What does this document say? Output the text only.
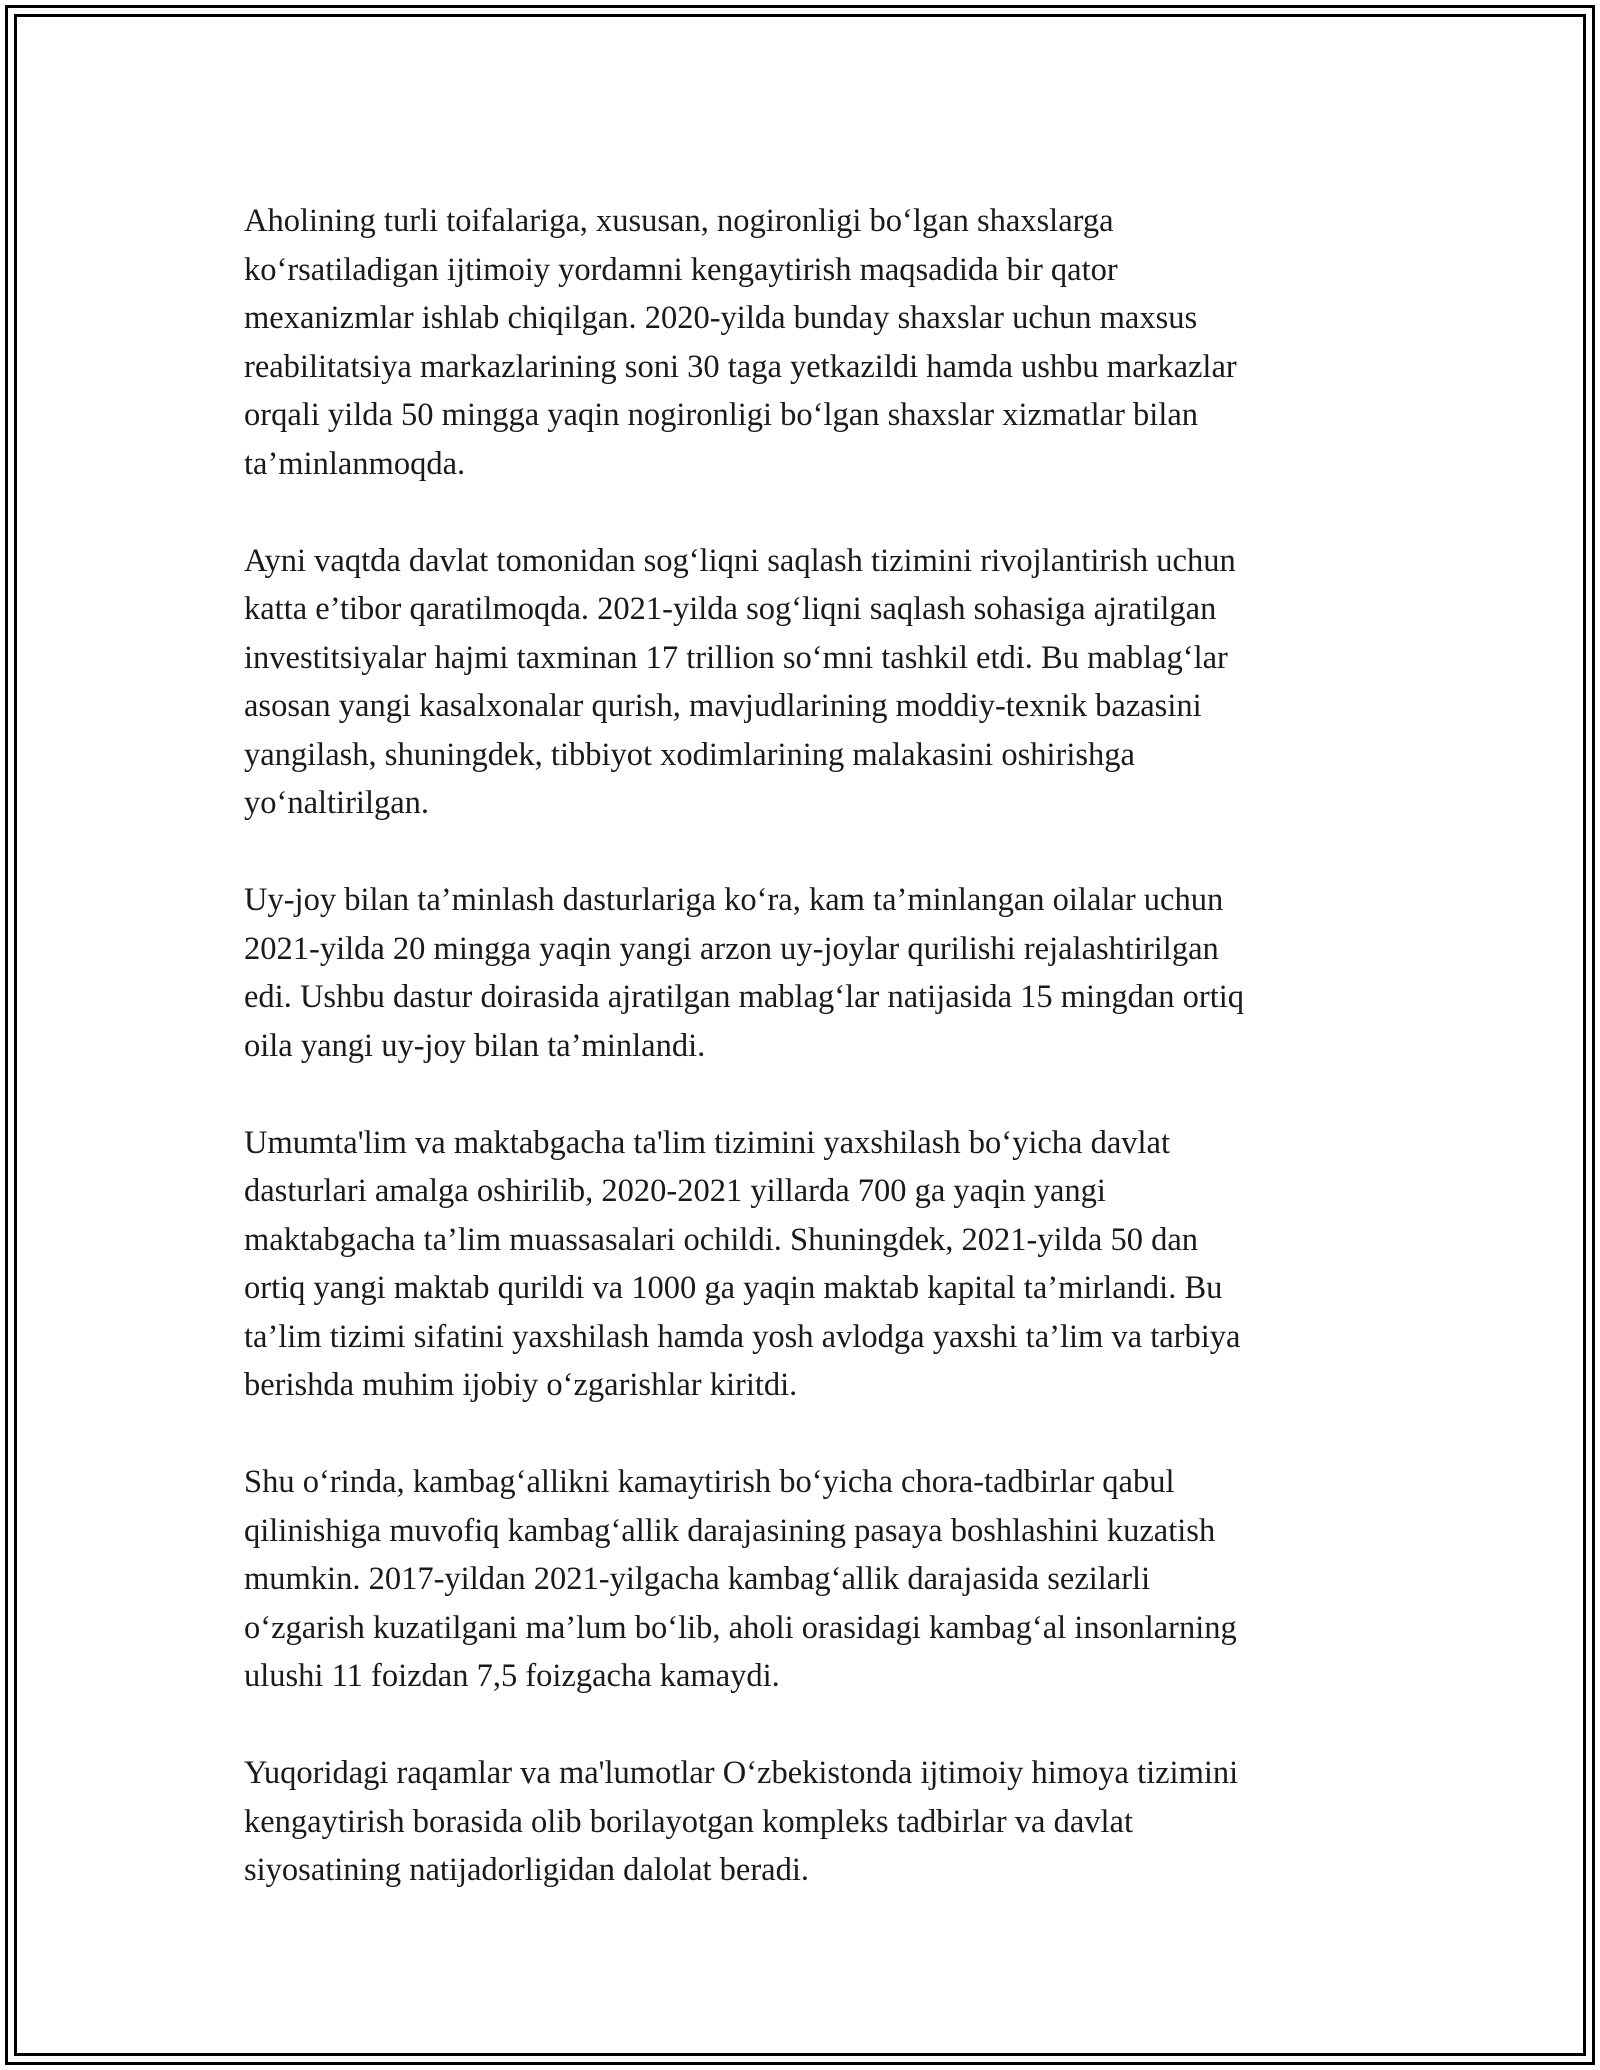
Aholining turli toifalariga, xususan, nogironligi bo‘lgan shaxslarga
ko‘rsatiladigan ijtimoiy yordamni kengaytirish maqsadida bir qator
mexanizmlar ishlab chiqilgan. 2020-yilda bunday shaxslar uchun maxsus
reabilitatsiya markazlarining soni 30 taga yetkazildi hamda ushbu markazlar
orqali yilda 50 mingga yaqin nogironligi bo‘lgan shaxslar xizmatlar bilan
ta’minlanmoqda.

Ayni vaqtda davlat tomonidan sog‘liqni saqlash tizimini rivojlantirish uchun
katta e’tibor qaratilmoqda. 2021-yilda sog‘liqni saqlash sohasiga ajratilgan
investitsiyalar hajmi taxminan 17 trillion so‘mni tashkil etdi. Bu mablag‘lar
asosan yangi kasalxonalar qurish, mavjudlarining moddiy-texnik bazasini
yangilash, shuningdek, tibbiyot xodimlarining malakasini oshirishga
yo‘naltirilgan.

Uy-joy bilan ta’minlash dasturlariga ko‘ra, kam ta’minlangan oilalar uchun
2021-yilda 20 mingga yaqin yangi arzon uy-joylar qurilishi rejalashtirilgan
edi. Ushbu dastur doirasida ajratilgan mablag‘lar natijasida 15 mingdan ortiq
oila yangi uy-joy bilan ta’minlandi.

Umumta'lim va maktabgacha ta'lim tizimini yaxshilash bo‘yicha davlat
dasturlari amalga oshirilib, 2020-2021 yillarda 700 ga yaqin yangi
maktabgacha ta’lim muassasalari ochildi. Shuningdek, 2021-yilda 50 dan
ortiq yangi maktab qurildi va 1000 ga yaqin maktab kapital ta’mirlandi. Bu
ta’lim tizimi sifatini yaxshilash hamda yosh avlodga yaxshi ta’lim va tarbiya
berishda muhim ijobiy o‘zgarishlar kiritdi.

Shu o‘rinda, kambag‘allikni kamaytirish bo‘yicha chora-tadbirlar qabul
qilinishiga muvofiq kambag‘allik darajasining pasaya boshlashini kuzatish
mumkin. 2017-yildan 2021-yilgacha kambag‘allik darajasida sezilarli
o‘zgarish kuzatilgani ma’lum bo‘lib, aholi orasidagi kambag‘al insonlarning
ulushi 11 foizdan 7,5 foizgacha kamaydi.

Yuqoridagi raqamlar va ma'lumotlar O‘zbekistonda ijtimoiy himoya tizimini
kengaytirish borasida olib borilayotgan kompleks tadbirlar va davlat
siyosatining natijadorligidan dalolat beradi.
